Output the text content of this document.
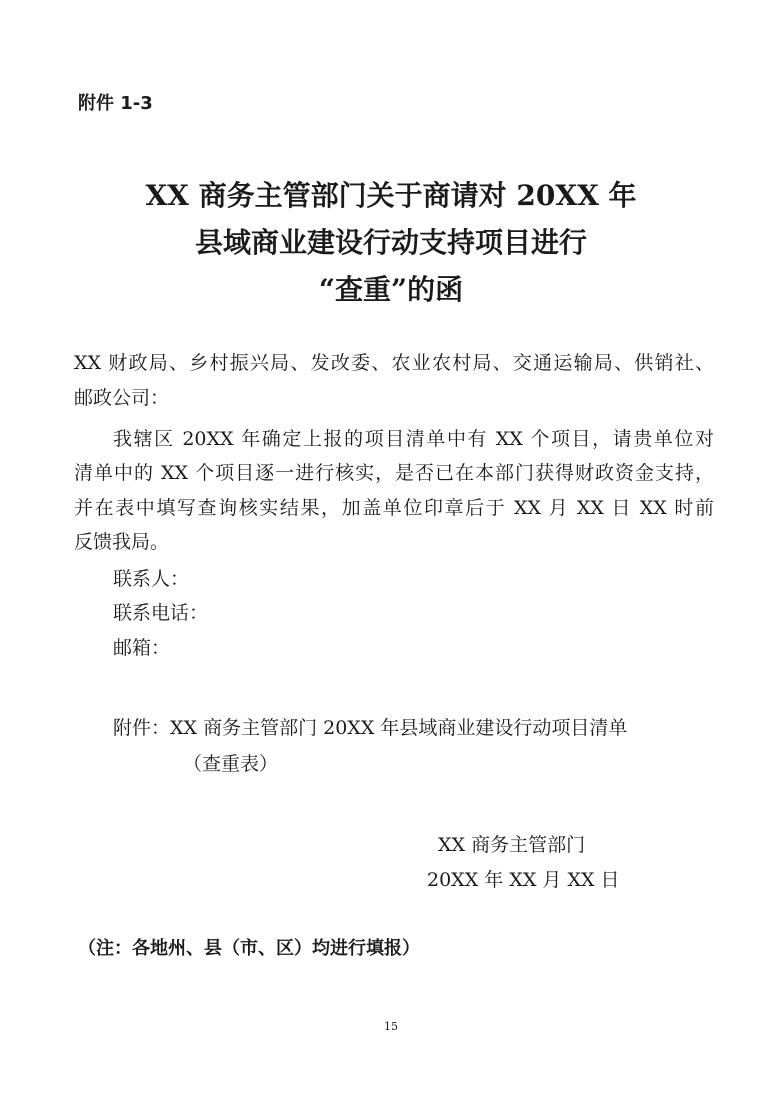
附件 1-3
XX 商务主管部门关于商请对 20XX 年
县域商业建设行动支持项目进行
“查重”的函
XX 财政局、乡村振兴局、发改委、农业农村局、交通运输局、供销社、
邮政公司：
我辖区 20XX 年确定上报的项目清单中有 XX 个项目，请贵单位对
清单中的 XX 个项目逐一进行核实，是否已在本部门获得财政资金支持，
并在表中填写查询核实结果，加盖单位印章后于 XX 月 XX 日 XX 时前
反馈我局。
联系人：
联系电话：
邮箱：
附件：XX 商务主管部门 20XX 年县域商业建设行动项目清单
（查重表）
XX 商务主管部门
20XX 年 XX 月 XX 日
（注：各地州、县（市、区）均进行填报）
15
